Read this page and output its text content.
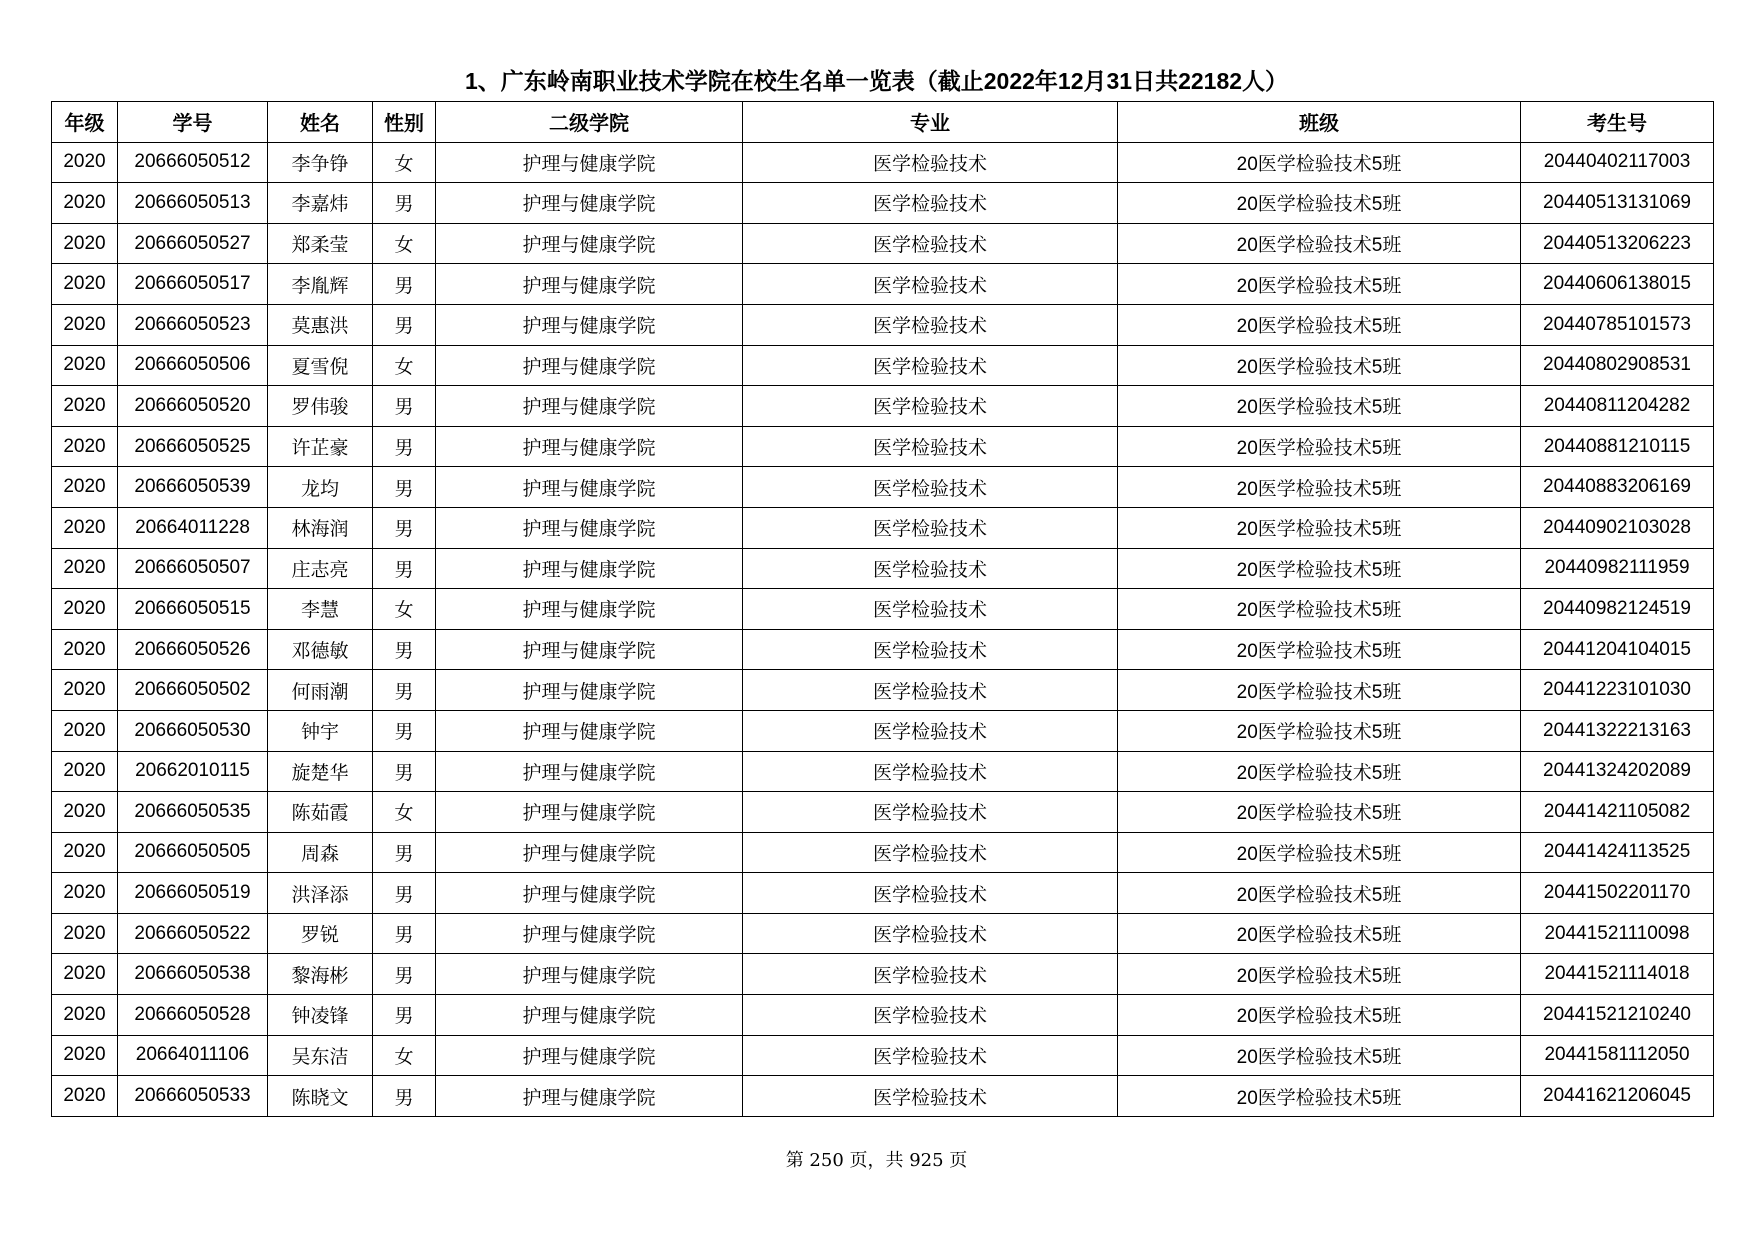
1、广东岭南职业技术学院在校生名单一览表（截止2022年12月31日共22182人）
年级	学号	姓名	性别	二级学院	专业	班级	考生号
2020	20666050512	李争铮	女	护理与健康学院	医学检验技术	20医学检验技术5班	20440402117003
2020	20666050513	李嘉炜	男	护理与健康学院	医学检验技术	20医学检验技术5班	20440513131069
2020	20666050527	郑柔莹	女	护理与健康学院	医学检验技术	20医学检验技术5班	20440513206223
2020	20666050517	李胤辉	男	护理与健康学院	医学检验技术	20医学检验技术5班	20440606138015
2020	20666050523	莫惠洪	男	护理与健康学院	医学检验技术	20医学检验技术5班	20440785101573
2020	20666050506	夏雪倪	女	护理与健康学院	医学检验技术	20医学检验技术5班	20440802908531
2020	20666050520	罗伟骏	男	护理与健康学院	医学检验技术	20医学检验技术5班	20440811204282
2020	20666050525	许芷豪	男	护理与健康学院	医学检验技术	20医学检验技术5班	20440881210115
2020	20666050539	龙均	男	护理与健康学院	医学检验技术	20医学检验技术5班	20440883206169
2020	20664011228	林海润	男	护理与健康学院	医学检验技术	20医学检验技术5班	20440902103028
2020	20666050507	庄志亮	男	护理与健康学院	医学检验技术	20医学检验技术5班	20440982111959
2020	20666050515	李慧	女	护理与健康学院	医学检验技术	20医学检验技术5班	20440982124519
2020	20666050526	邓德敏	男	护理与健康学院	医学检验技术	20医学检验技术5班	20441204104015
2020	20666050502	何雨潮	男	护理与健康学院	医学检验技术	20医学检验技术5班	20441223101030
2020	20666050530	钟宇	男	护理与健康学院	医学检验技术	20医学检验技术5班	20441322213163
2020	20662010115	旋楚华	男	护理与健康学院	医学检验技术	20医学检验技术5班	20441324202089
2020	20666050535	陈茹霞	女	护理与健康学院	医学检验技术	20医学检验技术5班	20441421105082
2020	20666050505	周森	男	护理与健康学院	医学检验技术	20医学检验技术5班	20441424113525
2020	20666050519	洪泽添	男	护理与健康学院	医学检验技术	20医学检验技术5班	20441502201170
2020	20666050522	罗锐	男	护理与健康学院	医学检验技术	20医学检验技术5班	20441521110098
2020	20666050538	黎海彬	男	护理与健康学院	医学检验技术	20医学检验技术5班	20441521114018
2020	20666050528	钟凌锋	男	护理与健康学院	医学检验技术	20医学检验技术5班	20441521210240
2020	20664011106	吴东洁	女	护理与健康学院	医学检验技术	20医学检验技术5班	20441581112050
2020	20666050533	陈晓文	男	护理与健康学院	医学检验技术	20医学检验技术5班	20441621206045
第 250 页，共 925 页
